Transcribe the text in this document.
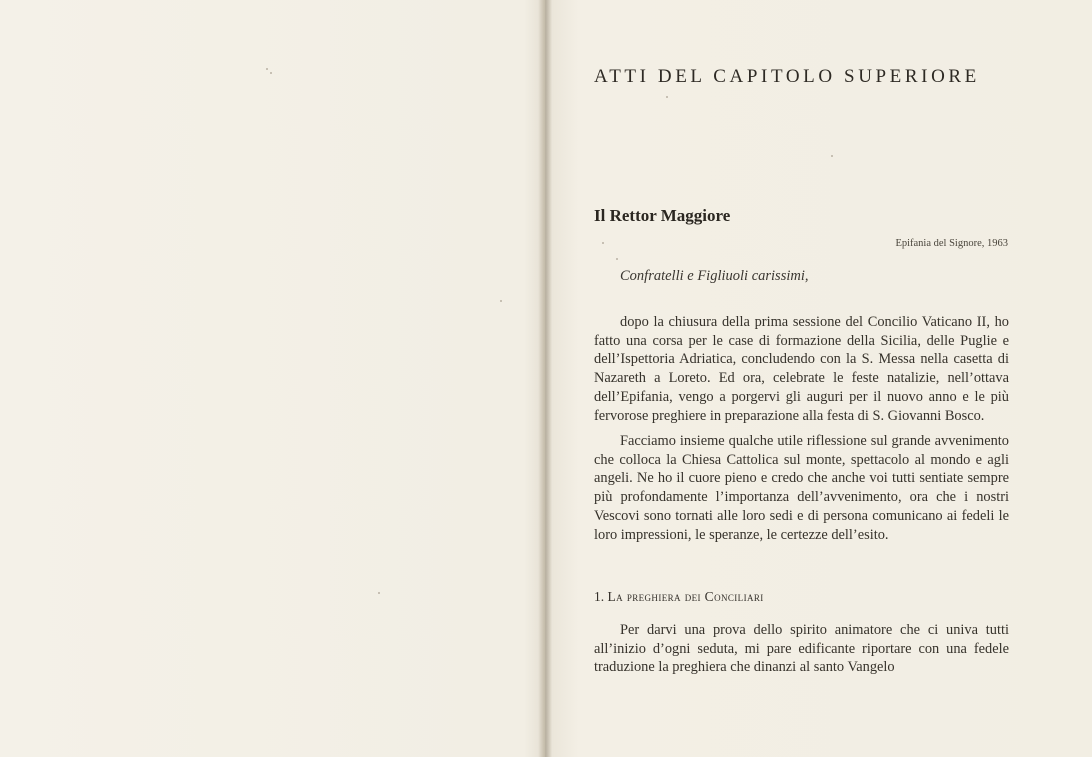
ATTI DEL CAPITOLO SUPERIORE
Il Rettor Maggiore
Epifania del Signore, 1963
Confratelli e Figliuoli carissimi,

dopo la chiusura della prima sessione del Concilio Vaticano II, ho fatto una corsa per le case di formazione della Sicilia, delle Puglie e dell’Ispettoria Adriatica, concludendo con la S. Messa nella casetta di Nazareth a Loreto. Ed ora, celebrate le feste natalizie, nell’ottava dell’Epifania, vengo a porgervi gli auguri per il nuovo anno e le più fervorose preghiere in preparazione alla festa di S. Giovanni Bosco.

Facciamo insieme qualche utile riflessione sul grande avvenimento che colloca la Chiesa Cattolica sul monte, spettacolo al mondo e agli angeli. Ne ho il cuore pieno e credo che anche voi tutti sentiate sempre più profondamente l’importanza dell’avvenimento, ora che i nostri Vescovi sono tornati alle loro sedi e di persona comunicano ai fedeli le loro impressioni, le speranze, le certezze dell’esito.

1. La preghiera dei Conciliari

Per darvi una prova dello spirito animatore che ci univa tutti all’inizio d’ogni seduta, mi pare edificante riportare con una fedele traduzione la preghiera che dinanzi al santo Vangelo
